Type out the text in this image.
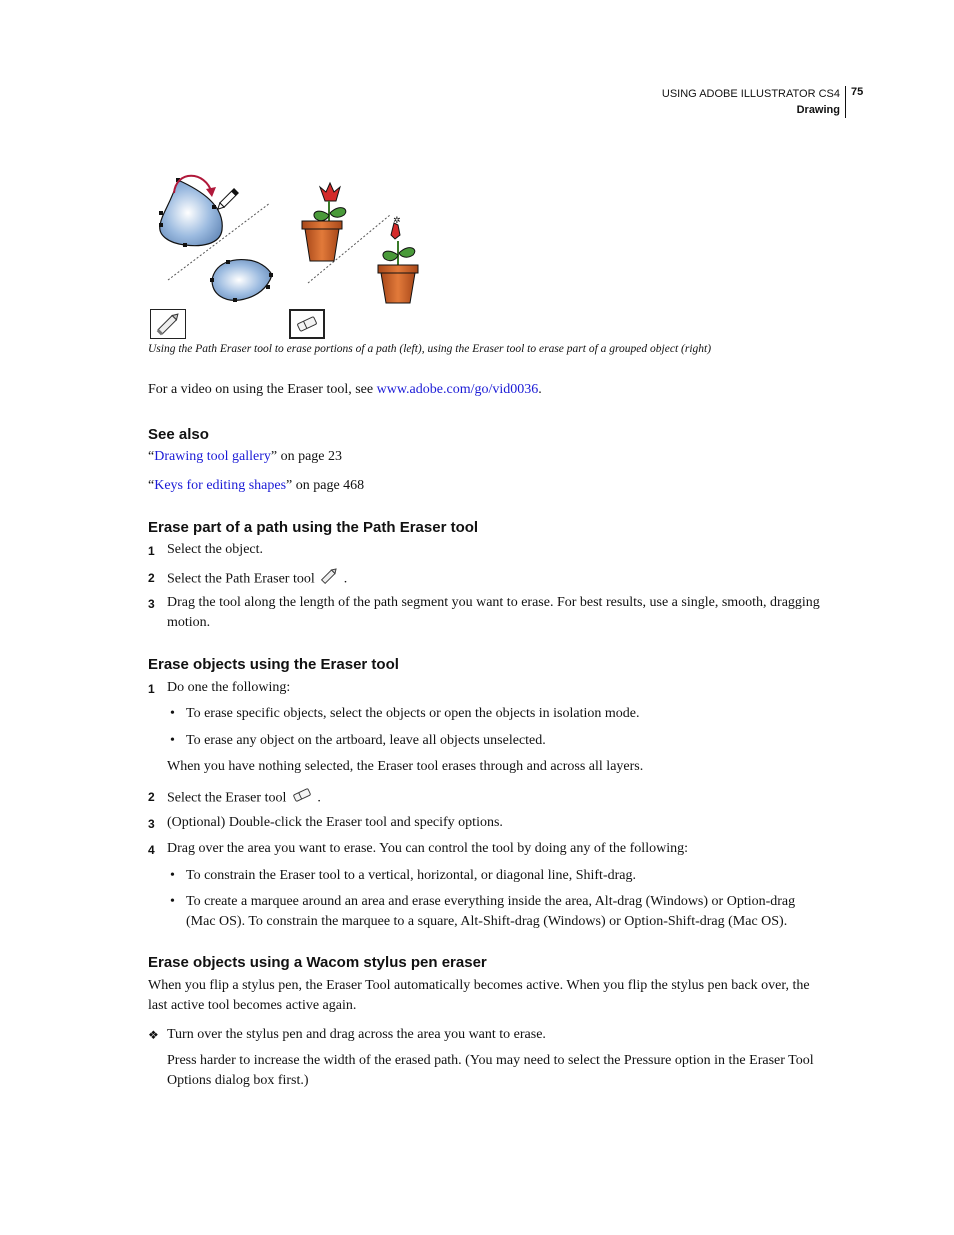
USING ADOBE ILLUSTRATOR CS4
Drawing
75
✲
Using the Path Eraser tool to erase portions of a path (left), using the Eraser tool to erase part of a grouped object (right)
For a video on using the Eraser tool, see www.adobe.com/go/vid0036.
See also
“Drawing tool gallery” on page 23
“Keys for editing shapes” on page 468
Erase part of a path using the Path Eraser tool
1 Select the object.
2 Select the Path Eraser tool .
3 Drag the tool along the length of the path segment you want to erase. For best results, use a single, smooth, dragging
motion.
Erase objects using the Eraser tool
1 Do one the following:
• To erase specific objects, select the objects or open the objects in isolation mode.
• To erase any object on the artboard, leave all objects unselected.
When you have nothing selected, the Eraser tool erases through and across all layers.
2 Select the Eraser tool .
3 (Optional) Double-click the Eraser tool and specify options.
4 Drag over the area you want to erase. You can control the tool by doing any of the following:
• To constrain the Eraser tool to a vertical, horizontal, or diagonal line, Shift-drag.
• To create a marquee around an area and erase everything inside the area, Alt-drag (Windows) or Option-drag
(Mac OS). To constrain the marquee to a square, Alt-Shift-drag (Windows) or Option-Shift-drag (Mac OS).
Erase objects using a Wacom stylus pen eraser
When you flip a stylus pen, the Eraser Tool automatically becomes active. When you flip the stylus pen back over, the
last active tool becomes active again.
❖ Turn over the stylus pen and drag across the area you want to erase.
Press harder to increase the width of the erased path. (You may need to select the Pressure option in the Eraser Tool
Options dialog box first.)
